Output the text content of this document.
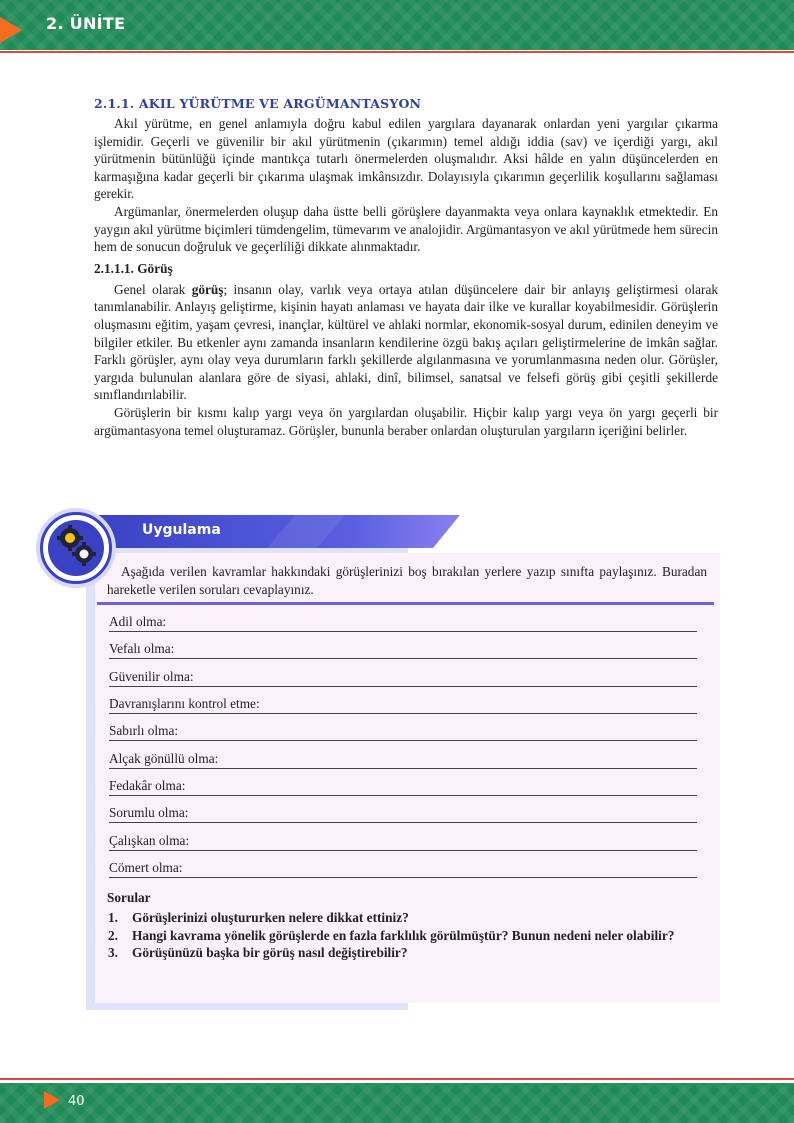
2. ÜNİTE
2.1.1. AKIL YÜRÜTME VE ARGÜMANTASYON

Akıl yürütme, en genel anlamıyla doğru kabul edilen yargılara dayanarak onlardan yeni yargılar çıkarma işlemidir. Geçerli ve güvenilir bir akıl yürütmenin (çıkarımın) temel aldığı iddia (sav) ve içerdiği yargı, akıl yürütmenin bütünlüğü içinde mantıkça tutarlı önermelerden oluşmalıdır. Aksi hâlde en yalın düşüncelerden en karmaşığına kadar geçerli bir çıkarıma ulaşmak imkânsızdır. Dolayısıyla çıkarımın geçerlilik koşullarını sağlaması gerekir.

Argümanlar, önermelerden oluşup daha üstte belli görüşlere dayanmakta veya onlara kaynaklık etmektedir. En yaygın akıl yürütme biçimleri tümdengelim, tümevarım ve analojidir. Argümantasyon ve akıl yürütmede hem sürecin hem de sonucun doğruluk ve geçerliliği dikkate alınmaktadır.

2.1.1.1. Görüş

Genel olarak görüş; insanın olay, varlık veya ortaya atılan düşüncelere dair bir anlayış geliştirmesi olarak tanımlanabilir. Anlayış geliştirme, kişinin hayatı anlaması ve hayata dair ilke ve kurallar koyabilmesidir. Görüşlerin oluşmasını eğitim, yaşam çevresi, inançlar, kültürel ve ahlaki normlar, ekonomik-sosyal durum, edinilen deneyim ve bilgiler etkiler. Bu etkenler aynı zamanda insanların kendilerine özgü bakış açıları geliştirmelerine de imkân sağlar. Farklı görüşler, aynı olay veya durumların farklı şekillerde algılanmasına ve yorumlanmasına neden olur. Görüşler, yargıda bulunulan alanlara göre de siyasi, ahlaki, dinî, bilimsel, sanatsal ve felsefi görüş gibi çeşitli şekillerde sınıflandırılabilir.

Görüşlerin bir kısmı kalıp yargı veya ön yargılardan oluşabilir. Hiçbir kalıp yargı veya ön yargı geçerli bir argümantasyona temel oluşturamaz. Görüşler, bununla beraber onlardan oluşturulan yargıların içeriğini belirler.

Uygulama
Aşağıda verilen kavramlar hakkındaki görüşlerinizi boş bırakılan yerlere yazıp sınıfta paylaşınız. Buradan hareketle verilen soruları cevaplayınız.
Adil olma:
Vefalı olma:
Güvenilir olma:
Davranışlarını kontrol etme:
Sabırlı olma:
Alçak gönüllü olma:
Fedakâr olma:
Sorumlu olma:
Çalışkan olma:
Cömert olma:
Sorular
1.	Görüşlerinizi oluştururken nelere dikkat ettiniz?
2.	Hangi kavrama yönelik görüşlerde en fazla farklılık görülmüştür? Bunun nedeni neler olabilir?
3.	Görüşünüzü başka bir görüş nasıl değiştirebilir?
40
